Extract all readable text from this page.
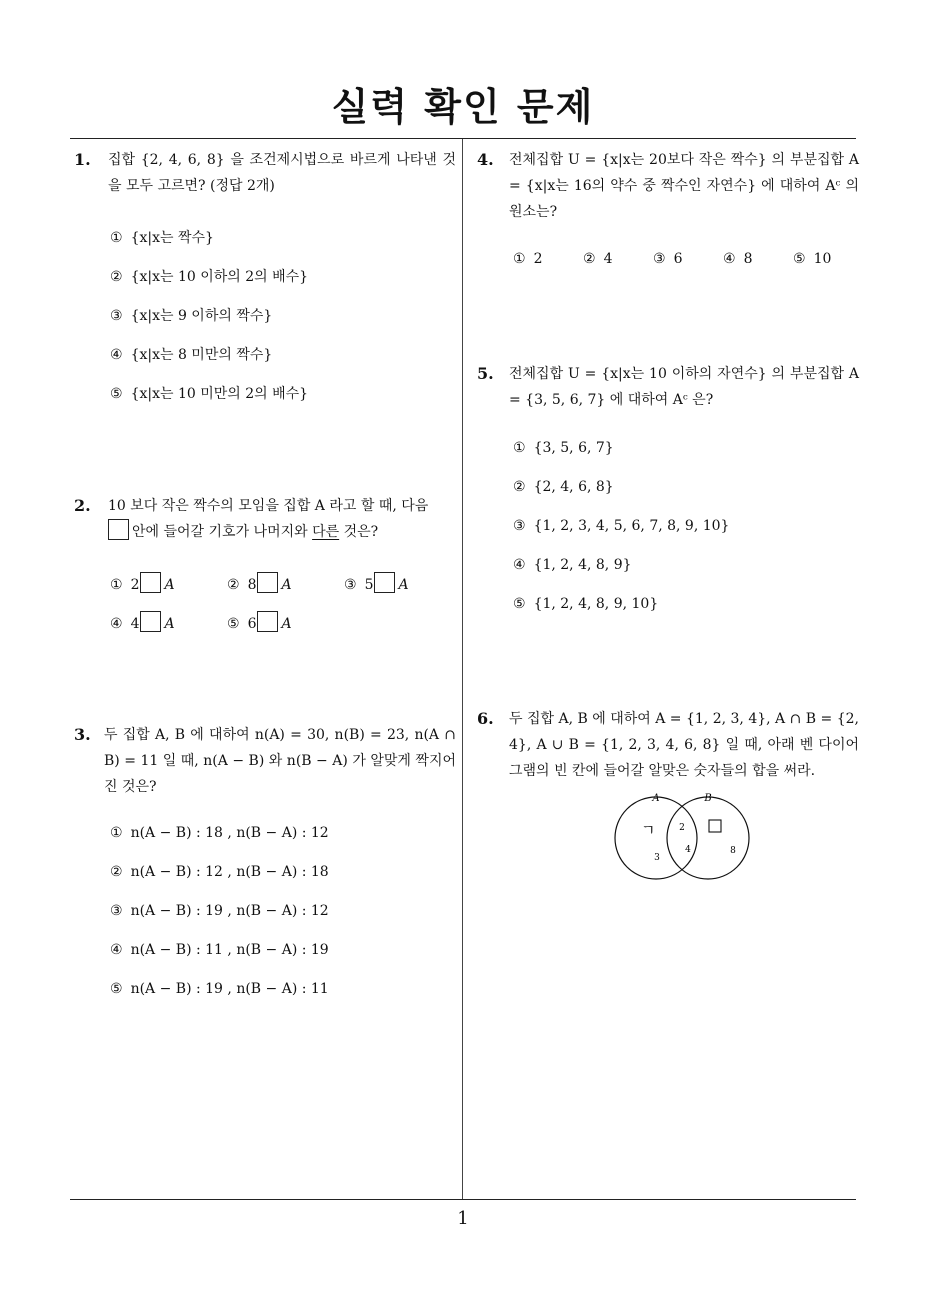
실력 확인 문제
1
1. 집합 {2, 4, 6, 8} 을 조건제시법으로 바르게 나타낸 것을 모두 고르면? (정답 2개)
① {x|x는 짝수}
② {x|x는 10 이하의 2의 배수}
③ {x|x는 9 이하의 짝수}
④ {x|x는 8 미만의 짝수}
⑤ {x|x는 10 미만의 2의 배수}
2. 10 보다 작은 짝수의 모임을 집합 A 라고 할 때, 다음
안에 들어갈 기호가 나머지와 다른 것은?
① 2 A	② 8 A	③ 5 A
④ 4 A	⑤ 6 A
3. 두 집합 A, B 에 대하여 n(A) = 30, n(B) = 23, n(A ∩ B) = 11 일 때, n(A − B) 와 n(B − A) 가 알맞게 짝지어 진 것은?
① n(A − B) : 18 , n(B − A) : 12
② n(A − B) : 12 , n(B − A) : 18
③ n(A − B) : 19 , n(B − A) : 12
④ n(A − B) : 11 , n(B − A) : 19
⑤ n(A − B) : 19 , n(B − A) : 11
4. 전체집합 U = {x|x는 20보다 작은 짝수} 의 부분집합 A = {x|x는 16의 약수 중 짝수인 자연수} 에 대하여 Aᶜ 의 원소는?
① 2	② 4	③ 6	④ 8	⑤ 10
5. 전체집합 U = {x|x는 10 이하의 자연수} 의 부분집합 A = {3, 5, 6, 7} 에 대하여 Aᶜ 은?
① {3, 5, 6, 7}
② {2, 4, 6, 8}
③ {1, 2, 3, 4, 5, 6, 7, 8, 9, 10}
④ {1, 2, 4, 8, 9}
⑤ {1, 2, 4, 8, 9, 10}
6. 두 집합 A, B 에 대하여 A = {1, 2, 3, 4}, A ∩ B = {2, 4}, A ∪ B = {1, 2, 3, 4, 6, 8} 일 때, 아래 벤 다이어그램의 빈 칸에 들어갈 알맞은 숫자들의 합을 써라.
A	B
ㄱ
3
2
4	8
